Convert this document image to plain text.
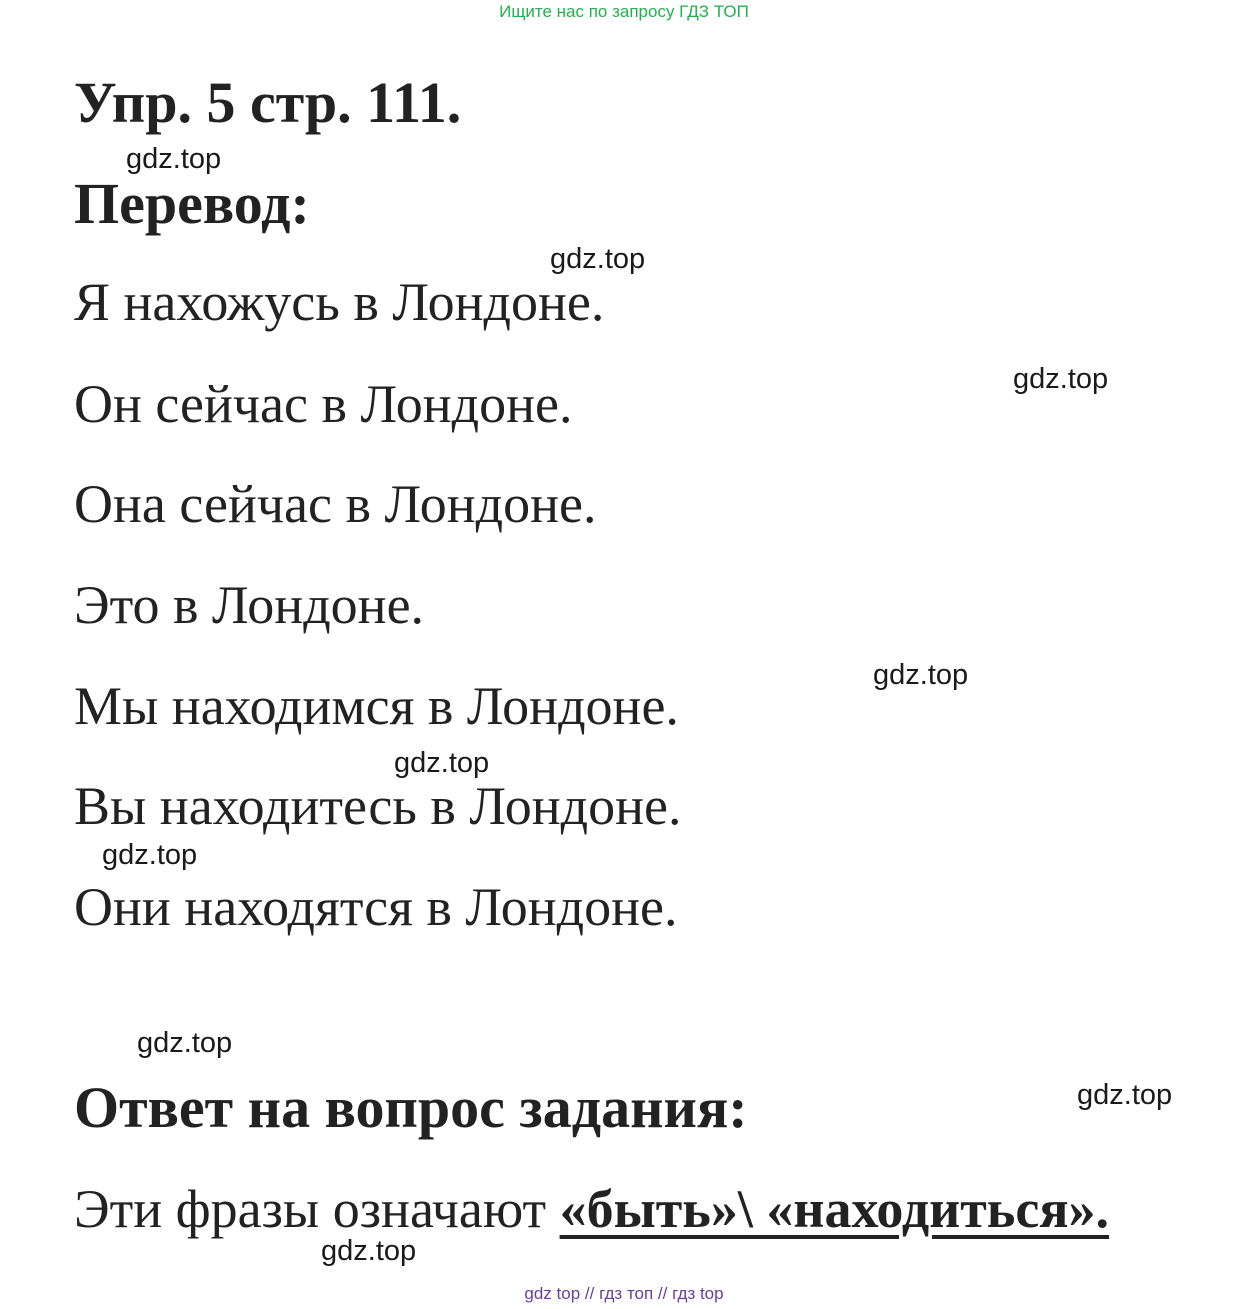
Ищите нас по запросу ГДЗ ТОП
Упр. 5 стр. 111.
gdz.top
Перевод:
gdz.top
Я нахожусь в Лондоне.
gdz.top
Он сейчас в Лондоне.
Она сейчас в Лондоне.
Это в Лондоне.
gdz.top
Мы находимся в Лондоне.
gdz.top
Вы находитесь в Лондоне.
gdz.top
Они находятся в Лондоне.
gdz.top
gdz.top
Ответ на вопрос задания:
Эти фразы означают «быть»\ «находиться».
gdz.top
gdz top // гдз топ // гдз top
